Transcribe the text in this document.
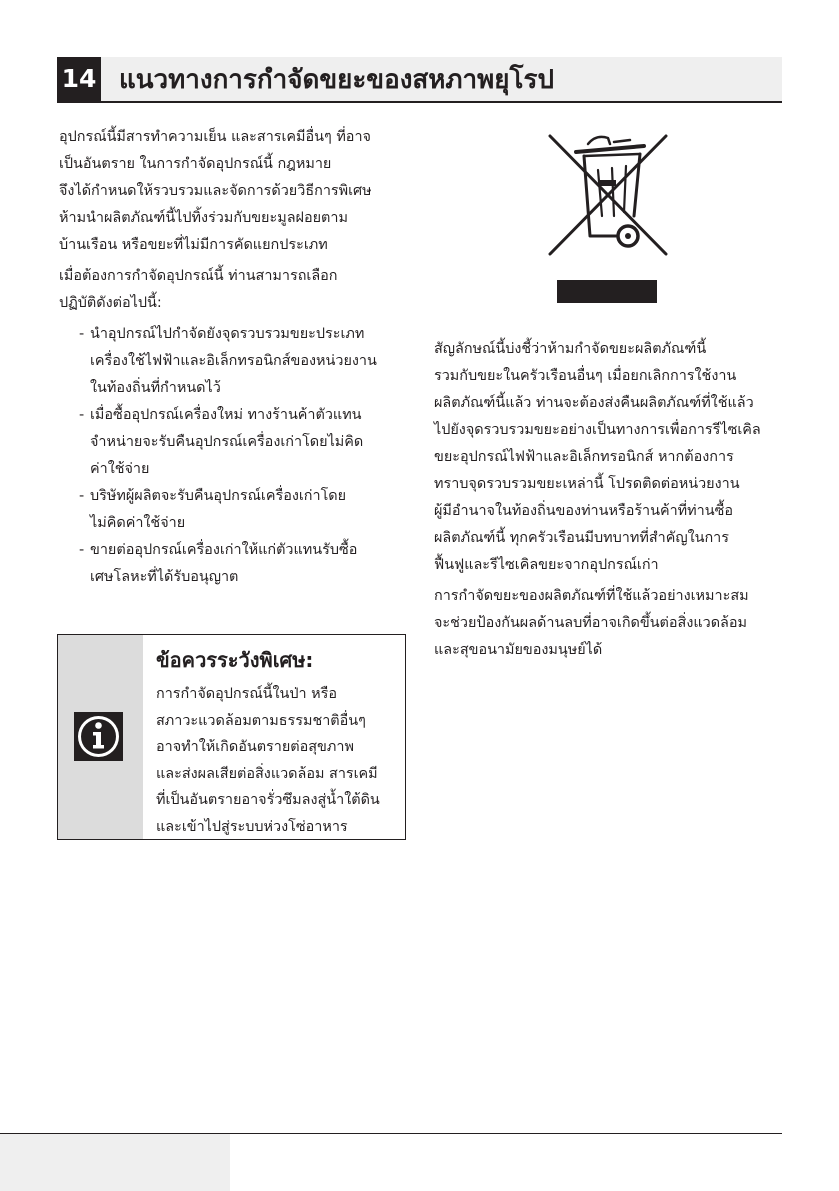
14 แนวทางการกำจัดขยะของสหภาพยุโรป
อุปกรณ์นี้มีสารทำความเย็น และสารเคมีอื่นๆ ที่อาจ
เป็นอันตราย ในการกำจัดอุปกรณ์นี้ กฎหมาย
จึงได้กำหนดให้รวบรวมและจัดการด้วยวิธีการพิเศษ
ห้ามนำผลิตภัณฑ์นี้ไปทิ้งร่วมกับขยะมูลฝอยตาม
บ้านเรือน หรือขยะที่ไม่มีการคัดแยกประเภท
เมื่อต้องการกำจัดอุปกรณ์นี้ ท่านสามารถเลือก
ปฏิบัติดังต่อไปนี้:
- นำอุปกรณ์ไปกำจัดยังจุดรวบรวมขยะประเภท
เครื่องใช้ไฟฟ้าและอิเล็กทรอนิกส์ของหน่วยงาน
ในท้องถิ่นที่กำหนดไว้
- เมื่อซื้ออุปกรณ์เครื่องใหม่ ทางร้านค้าตัวแทน
จำหน่ายจะรับคืนอุปกรณ์เครื่องเก่าโดยไม่คิด
ค่าใช้จ่าย
- บริษัทผู้ผลิตจะรับคืนอุปกรณ์เครื่องเก่าโดย
ไม่คิดค่าใช้จ่าย
- ขายต่ออุปกรณ์เครื่องเก่าให้แก่ตัวแทนรับซื้อ
เศษโลหะที่ได้รับอนุญาต
ข้อควรระวังพิเศษ:
การกำจัดอุปกรณ์นี้ในป่า หรือ
สภาวะแวดล้อมตามธรรมชาติอื่นๆ
อาจทำให้เกิดอันตรายต่อสุขภาพ
และส่งผลเสียต่อสิ่งแวดล้อม สารเคมี
ที่เป็นอันตรายอาจรั่วซึมลงสู่น้ำใต้ดิน
และเข้าไปสู่ระบบห่วงโซ่อาหาร
สัญลักษณ์นี้บ่งชี้ว่าห้ามกำจัดขยะผลิตภัณฑ์นี้
รวมกับขยะในครัวเรือนอื่นๆ เมื่อยกเลิกการใช้งาน
ผลิตภัณฑ์นี้แล้ว ท่านจะต้องส่งคืนผลิตภัณฑ์ที่ใช้แล้ว
ไปยังจุดรวบรวมขยะอย่างเป็นทางการเพื่อการรีไซเคิล
ขยะอุปกรณ์ไฟฟ้าและอิเล็กทรอนิกส์ หากต้องการ
ทราบจุดรวบรวมขยะเหล่านี้ โปรดติดต่อหน่วยงาน
ผู้มีอำนาจในท้องถิ่นของท่านหรือร้านค้าที่ท่านซื้อ
ผลิตภัณฑ์นี้ ทุกครัวเรือนมีบทบาทที่สำคัญในการ
ฟื้นฟูและรีไซเคิลขยะจากอุปกรณ์เก่า
การกำจัดขยะของผลิตภัณฑ์ที่ใช้แล้วอย่างเหมาะสม
จะช่วยป้องกันผลด้านลบที่อาจเกิดขึ้นต่อสิ่งแวดล้อม
และสุขอนามัยของมนุษย์ได้
